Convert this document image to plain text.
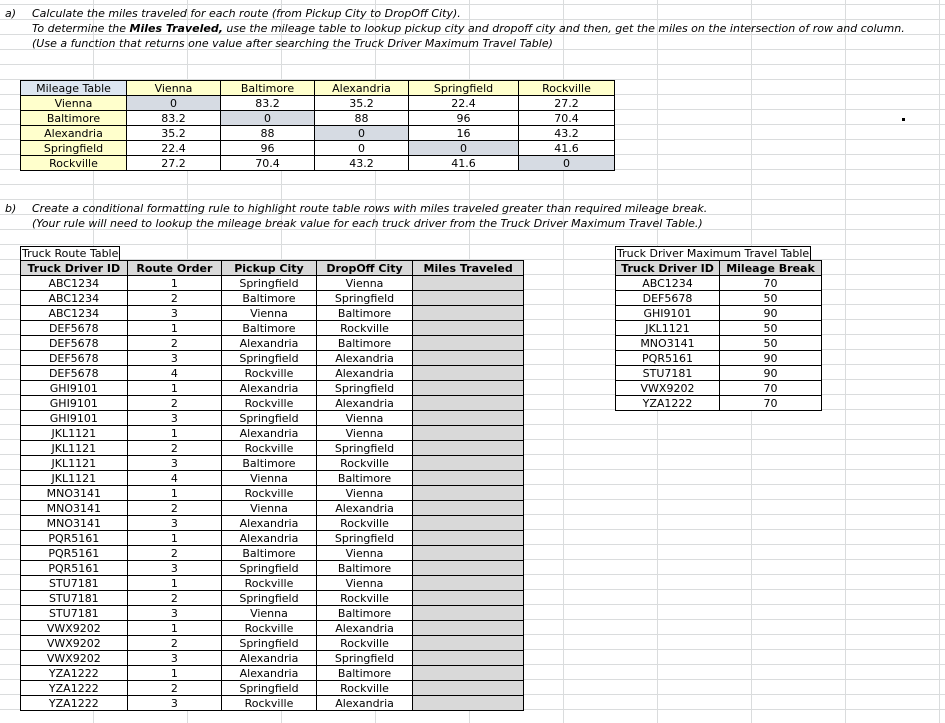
a) Calculate the miles traveled for each route (from Pickup City to DropOff City).
To determine the Miles Traveled, use the mileage table to lookup pickup city and dropoff city and then, get the miles on the intersection of row and column.
(Use a function that returns one value after searching the Truck Driver Maximum Travel Table)
Mileage Table	Vienna	Baltimore	Alexandria	Springfield	Rockville
Vienna	0	83.2	35.2	22.4	27.2
Baltimore	83.2	0	88	96	70.4
Alexandria	35.2	88	0	16	43.2
Springfield	22.4	96	0	0	41.6
Rockville	27.2	70.4	43.2	41.6	0
b) Create a conditional formatting rule to highlight route table rows with miles traveled greater than required mileage break.
(Your rule will need to lookup the mileage break value for each truck driver from the Truck Driver Maximum Travel Table.)
Truck Route Table
Truck Driver ID	Route Order	Pickup City	DropOff City	Miles Traveled
ABC1234	1	Springfield	Vienna	
ABC1234	2	Baltimore	Springfield	
ABC1234	3	Vienna	Baltimore	
DEF5678	1	Baltimore	Rockville	
DEF5678	2	Alexandria	Baltimore	
DEF5678	3	Springfield	Alexandria	
DEF5678	4	Rockville	Alexandria	
GHI9101	1	Alexandria	Springfield	
GHI9101	2	Rockville	Alexandria	
GHI9101	3	Springfield	Vienna	
JKL1121	1	Alexandria	Vienna	
JKL1121	2	Rockville	Springfield	
JKL1121	3	Baltimore	Rockville	
JKL1121	4	Vienna	Baltimore	
MNO3141	1	Rockville	Vienna	
MNO3141	2	Vienna	Alexandria	
MNO3141	3	Alexandria	Rockville	
PQR5161	1	Alexandria	Springfield	
PQR5161	2	Baltimore	Vienna	
PQR5161	3	Springfield	Baltimore	
STU7181	1	Rockville	Vienna	
STU7181	2	Springfield	Rockville	
STU7181	3	Vienna	Baltimore	
VWX9202	1	Rockville	Alexandria	
VWX9202	2	Springfield	Rockville	
VWX9202	3	Alexandria	Springfield	
YZA1222	1	Alexandria	Baltimore	
YZA1222	2	Springfield	Rockville	
YZA1222	3	Rockville	Alexandria	
Truck Driver Maximum Travel Table
Truck Driver ID	Mileage Break
ABC1234	70
DEF5678	50
GHI9101	90
JKL1121	50
MNO3141	50
PQR5161	90
STU7181	90
VWX9202	70
YZA1222	70
